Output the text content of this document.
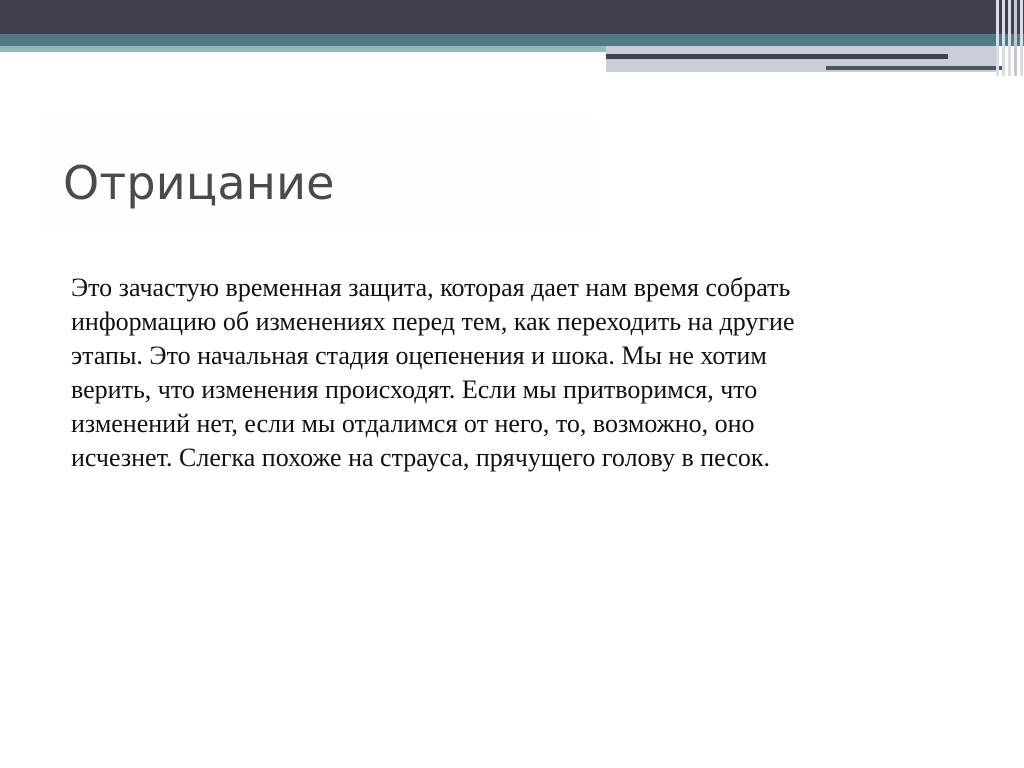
Отрицание
Это зачастую временная защита, которая дает нам время собрать
информацию об изменениях перед тем, как переходить на другие
этапы. Это начальная стадия оцепенения и шока. Мы не хотим
верить, что изменения происходят. Если мы притворимся, что
изменений нет, если мы отдалимся от него, то, возможно, оно
исчезнет. Слегка похоже на страуса, прячущего голову в песок.
